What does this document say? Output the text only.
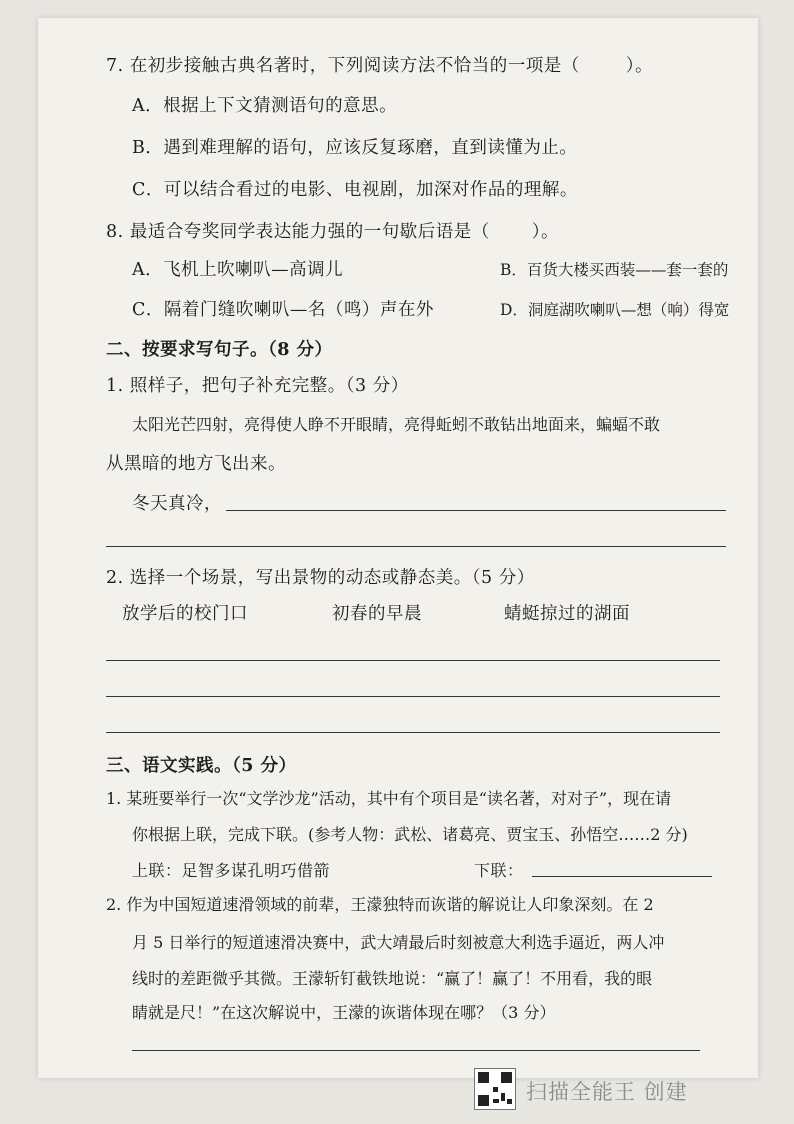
7. 在初步接触古典名著时，下列阅读方法不恰当的一项是（	）。
A．根据上下文猜测语句的意思。
B．遇到难理解的语句，应该反复琢磨，直到读懂为止。
C．可以结合看过的电影、电视剧，加深对作品的理解。
8. 最适合夸奖同学表达能力强的一句歇后语是（ ）。
A．飞机上吹喇叭—高调儿	B．百货大楼买西装——套一套的
C．隔着门缝吹喇叭—名（鸣）声在外	D．洞庭湖吹喇叭—想（响）得宽
二、按要求写句子。（8 分）
1. 照样子，把句子补充完整。（3 分）
太阳光芒四射，亮得使人睁不开眼睛，亮得蚯蚓不敢钻出地面来，蝙蝠不敢
从黑暗的地方飞出来。
冬天真冷，
2. 选择一个场景，写出景物的动态或静态美。（5 分）
放学后的校门口	初春的早晨	蜻蜓掠过的湖面
三、语文实践。（5 分）
1. 某班要举行一次“文学沙龙”活动，其中有个项目是“读名著，对对子”，现在请
你根据上联，完成下联。(参考人物：武松、诸葛亮、贾宝玉、孙悟空……2 分)
上联：足智多谋孔明巧借箭	下联：
2. 作为中国短道速滑领域的前辈，王濛独特而诙谐的解说让人印象深刻。在 2
月 5 日举行的短道速滑决赛中，武大靖最后时刻被意大利选手逼近，两人冲
线时的差距微乎其微。王濛斩钉截铁地说：“赢了！赢了！不用看，我的眼
睛就是尺！”在这次解说中，王濛的诙谐体现在哪？（3 分）
扫描全能王 创建
